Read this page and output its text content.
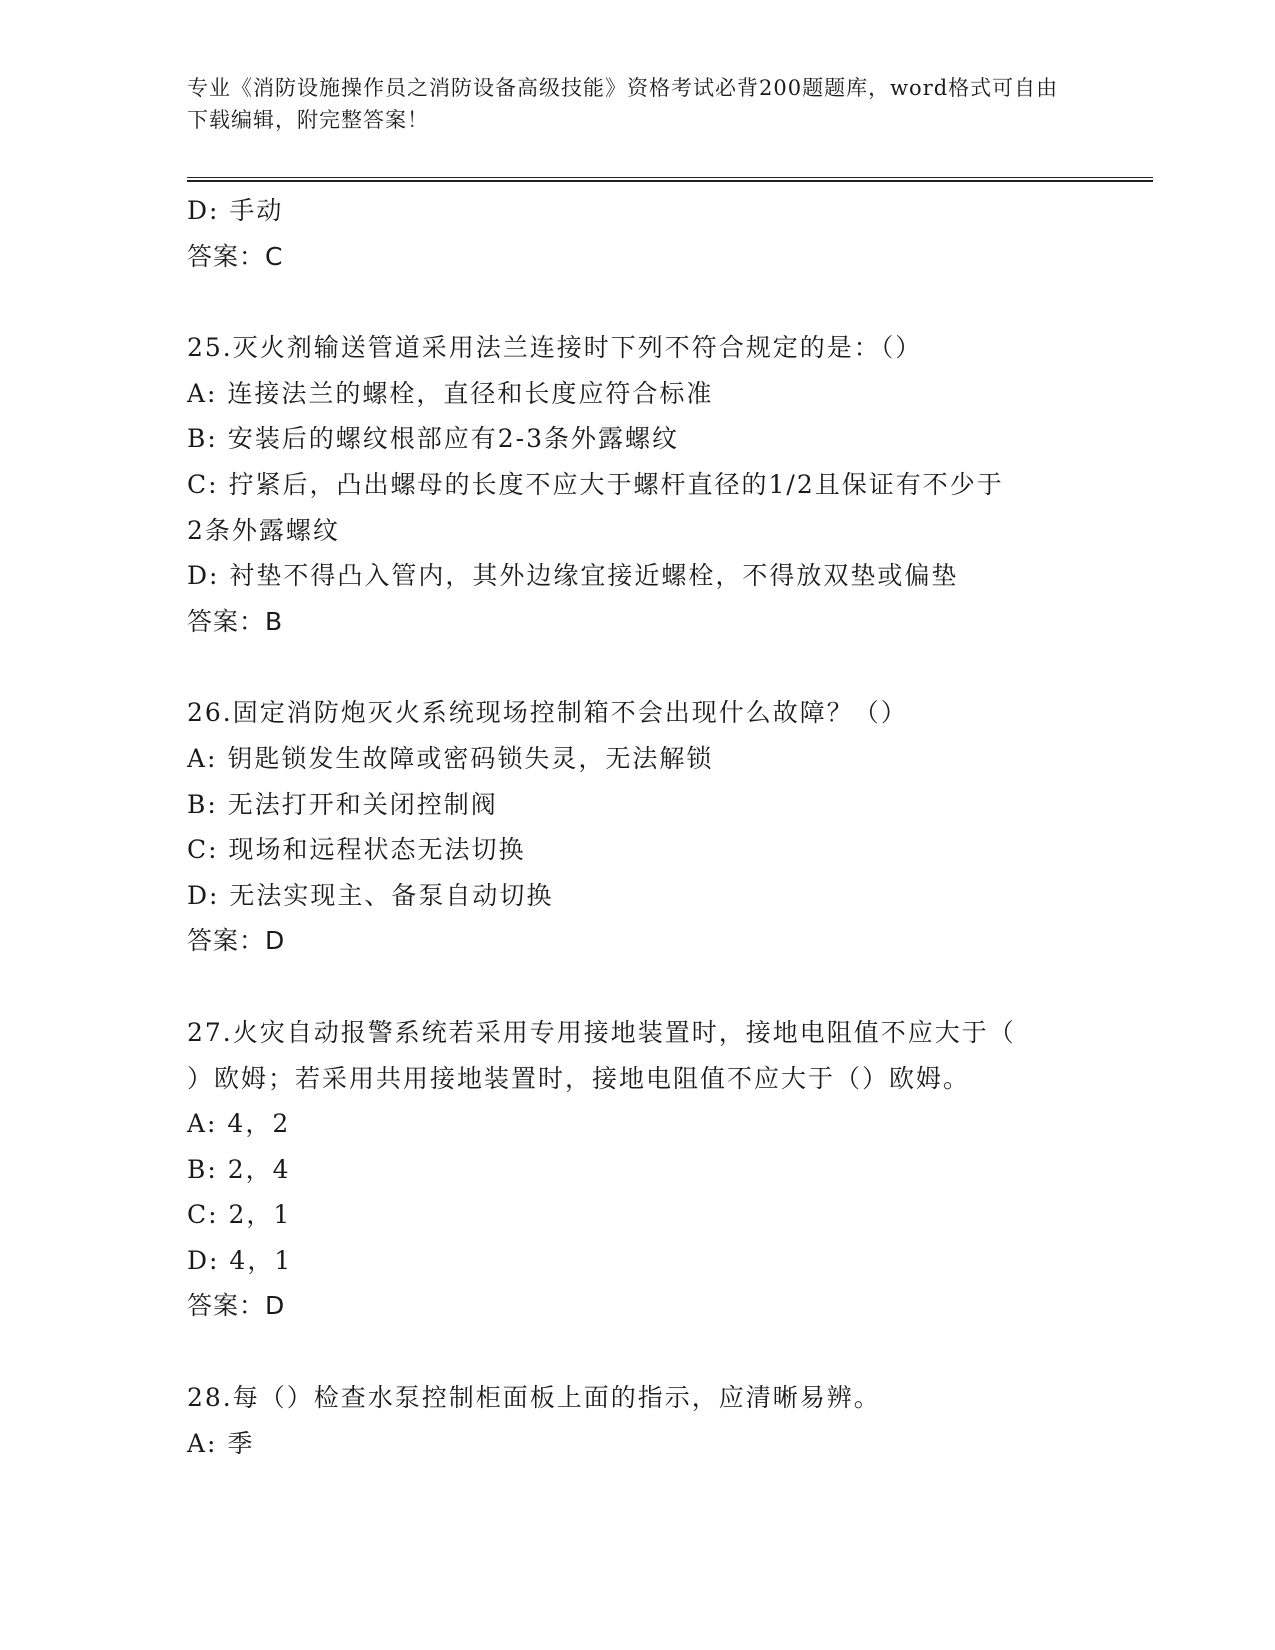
专业《消防设施操作员之消防设备高级技能》资格考试必背200题题库，word格式可自由下载编辑，附完整答案！
D: 手动
答案：C
25.灭火剂输送管道采用法兰连接时下列不符合规定的是：（）
A: 连接法兰的螺栓，直径和长度应符合标准
B: 安装后的螺纹根部应有2-3条外露螺纹
C: 拧紧后，凸出螺母的长度不应大于螺杆直径的1/2且保证有不少于
2条外露螺纹
D: 衬垫不得凸入管内，其外边缘宜接近螺栓，不得放双垫或偏垫
答案：B
26.固定消防炮灭火系统现场控制箱不会出现什么故障？（）
A: 钥匙锁发生故障或密码锁失灵，无法解锁
B: 无法打开和关闭控制阀
C: 现场和远程状态无法切换
D: 无法实现主、备泵自动切换
答案：D
27.火灾自动报警系统若采用专用接地装置时，接地电阻值不应大于（
）欧姆；若采用共用接地装置时，接地电阻值不应大于（）欧姆。
A: 4，2
B: 2，4
C: 2，1
D: 4，1
答案：D
28.每（）检查水泵控制柜面板上面的指示，应清晰易辨。
A: 季
